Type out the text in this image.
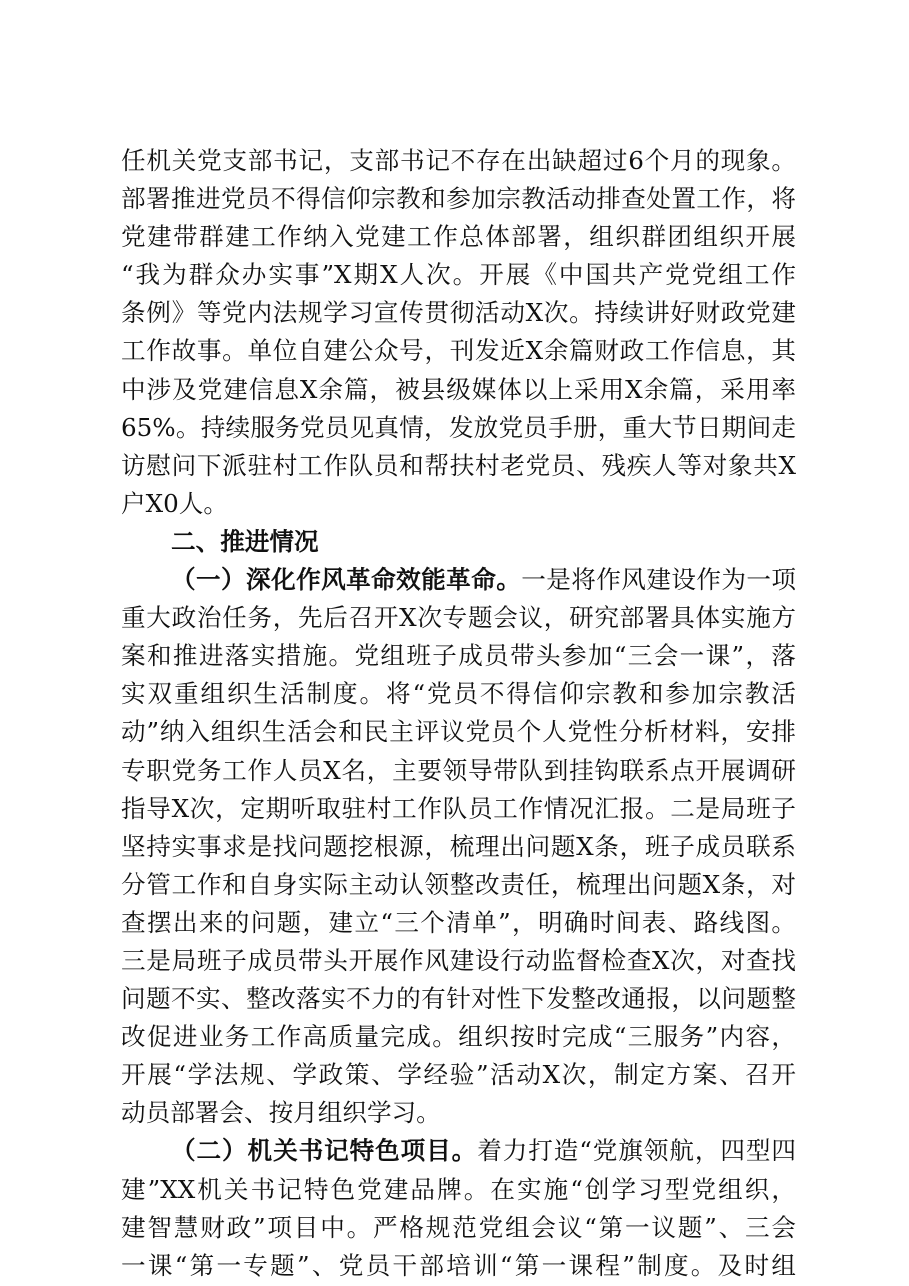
任机关党支部书记，支部书记不存在出缺超过6个月的现象。
部署推进党员不得信仰宗教和参加宗教活动排查处置工作，将
党建带群建工作纳入党建工作总体部署，组织群团组织开展
“我为群众办实事”X期X人次。开展《中国共产党党组工作
条例》等党内法规学习宣传贯彻活动X次。持续讲好财政党建
工作故事。单位自建公众号，刊发近X余篇财政工作信息，其
中涉及党建信息X余篇，被县级媒体以上采用X余篇，采用率
65%。持续服务党员见真情，发放党员手册，重大节日期间走
访慰问下派驻村工作队员和帮扶村老党员、残疾人等对象共X
户X0人。
二、推进情况
（一）深化作风革命效能革命。一是将作风建设作为一项
重大政治任务，先后召开X次专题会议，研究部署具体实施方
案和推进落实措施。党组班子成员带头参加“三会一课”，落
实双重组织生活制度。将“党员不得信仰宗教和参加宗教活
动”纳入组织生活会和民主评议党员个人党性分析材料，安排
专职党务工作人员X名，主要领导带队到挂钩联系点开展调研
指导X次，定期听取驻村工作队员工作情况汇报。二是局班子
坚持实事求是找问题挖根源，梳理出问题X条，班子成员联系
分管工作和自身实际主动认领整改责任，梳理出问题X条，对
查摆出来的问题，建立“三个清单”，明确时间表、路线图。
三是局班子成员带头开展作风建设行动监督检查X次，对查找
问题不实、整改落实不力的有针对性下发整改通报，以问题整
改促进业务工作高质量完成。组织按时完成“三服务”内容，
开展“学法规、学政策、学经验”活动X次，制定方案、召开
动员部署会、按月组织学习。
（二）机关书记特色项目。着力打造“党旗领航，四型四
建”XX机关书记特色党建品牌。在实施“创学习型党组织，
建智慧财政”项目中。严格规范党组会议“第一议题”、三会
一课“第一专题”、党员干部培训“第一课程”制度。及时组
